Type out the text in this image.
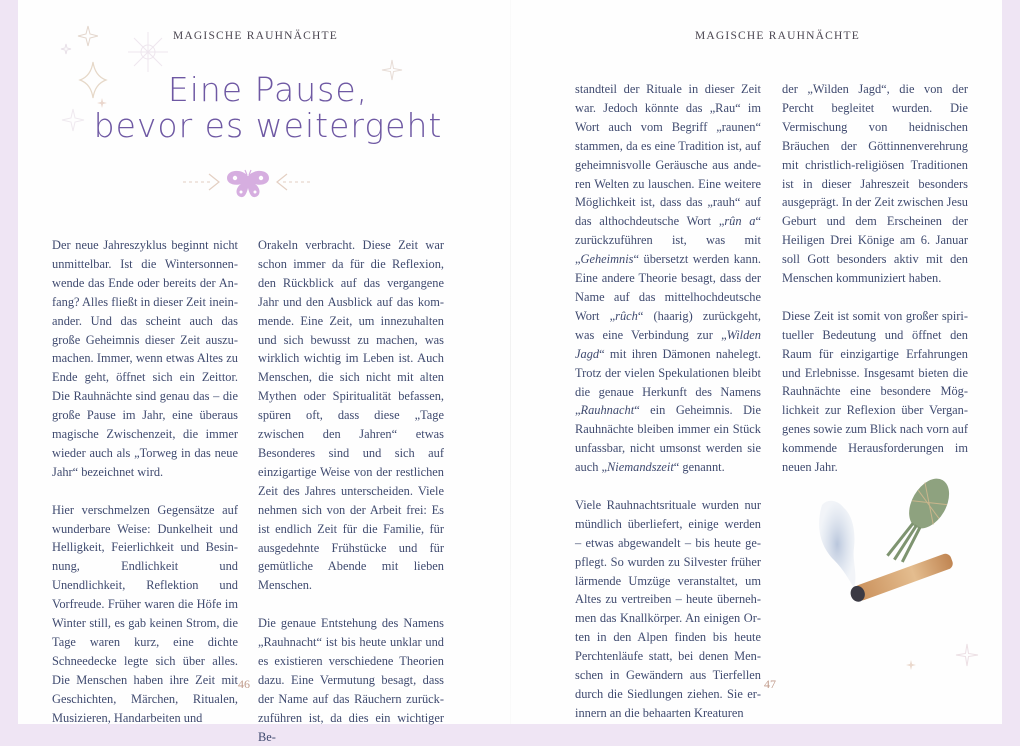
MAGISCHE RAUHNÄCHTE
Eine Pause,
bevor es weitergeht

Der neue Jahreszyklus beginnt nicht unmittelbar. Ist die Wintersonnenwende das Ende oder bereits der Anfang? Alles fließt in dieser Zeit ineinander. Und das scheint auch das große Geheimnis dieser Zeit auszumachen. Immer, wenn etwas Altes zu Ende geht, öffnet sich ein Zeittor. Die Rauhnächte sind genau das – die große Pause im Jahr, eine überaus magische Zwischenzeit, die immer wieder auch als „Torweg in das neue Jahr“ bezeichnet wird.

Hier verschmelzen Gegensätze auf wunderbare Weise: Dunkelheit und Helligkeit, Feierlichkeit und Besinnung, Endlichkeit und Unendlichkeit, Reflektion und Vorfreude. Früher waren die Höfe im Winter still, es gab keinen Strom, die Tage waren kurz, eine dichte Schneedecke legte sich über alles. Die Menschen haben ihre Zeit mit Geschichten, Märchen, Ritualen, Musizieren, Handarbeiten und

Orakeln verbracht. Diese Zeit war schon immer da für die Reflexion, den Rückblick auf das vergangene Jahr und den Ausblick auf das kommende. Eine Zeit, um innezuhalten und sich bewusst zu machen, was wirklich wichtig im Leben ist. Auch Menschen, die sich nicht mit alten Mythen oder Spiritualität befassen, spüren oft, dass diese „Tage zwischen den Jahren“ etwas Besonderes sind und sich auf einzigartige Weise von der restlichen Zeit des Jahres unterscheiden. Viele nehmen sich von der Arbeit frei: Es ist endlich Zeit für die Familie, für ausgedehnte Frühstücke und für gemütliche Abende mit lieben Menschen.

Die genaue Entstehung des Namens „Rauhnacht“ ist bis heute unklar und es existieren verschiedene Theorien dazu. Eine Vermutung besagt, dass der Name auf das Räuchern zurückzuführen ist, da dies ein wichtiger Be-

46
MAGISCHE RAUHNÄCHTE

standteil der Rituale in dieser Zeit war. Jedoch könnte das „Rau“ im Wort auch vom Begriff „raunen“ stammen, da es eine Tradition ist, auf geheimnisvolle Geräusche aus anderen Welten zu lauschen. Eine weitere Möglichkeit ist, dass das „rauh“ auf das althochdeutsche Wort „rûn a“ zurückzuführen ist, was mit „Geheimnis“ übersetzt werden kann. Eine andere Theorie besagt, dass der Name auf das mittelhochdeutsche Wort „rûch“ (haarig) zurückgeht, was eine Verbindung zur „Wilden Jagd“ mit ihren Dämonen nahelegt. Trotz der vielen Spekulationen bleibt die genaue Herkunft des Namens „Rauhnacht“ ein Geheimnis. Die Rauhnächte bleiben immer ein Stück unfassbar, nicht umsonst werden sie auch „Niemandszeit“ genannt.

Viele Rauhnachtsrituale wurden nur mündlich überliefert, einige werden – etwas abgewandelt – bis heute gepflegt. So wurden zu Silvester früher lärmende Umzüge veranstaltet, um Altes zu vertreiben – heute übernehmen das Knallkörper. An einigen Orten in den Alpen finden bis heute Perchtenläufe statt, bei denen Menschen in Gewändern aus Tierfellen durch die Siedlungen ziehen. Sie erinnern an die behaarten Kreaturen

der „Wilden Jagd“, die von der Percht begleitet wurden. Die Vermischung von heidnischen Bräuchen der Göttinnenverehrung mit christlich-religiösen Traditionen ist in dieser Jahreszeit besonders ausgeprägt. In der Zeit zwischen Jesu Geburt und dem Erscheinen der Heiligen Drei Könige am 6. Januar soll Gott besonders aktiv mit den Menschen kommuniziert haben.

Diese Zeit ist somit von großer spiritueller Bedeutung und öffnet den Raum für einzigartige Erfahrungen und Erlebnisse. Insgesamt bieten die Rauhnächte eine besondere Möglichkeit zur Reflexion über Vergangenes sowie zum Blick nach vorn auf kommende Herausforderungen im neuen Jahr.

47
